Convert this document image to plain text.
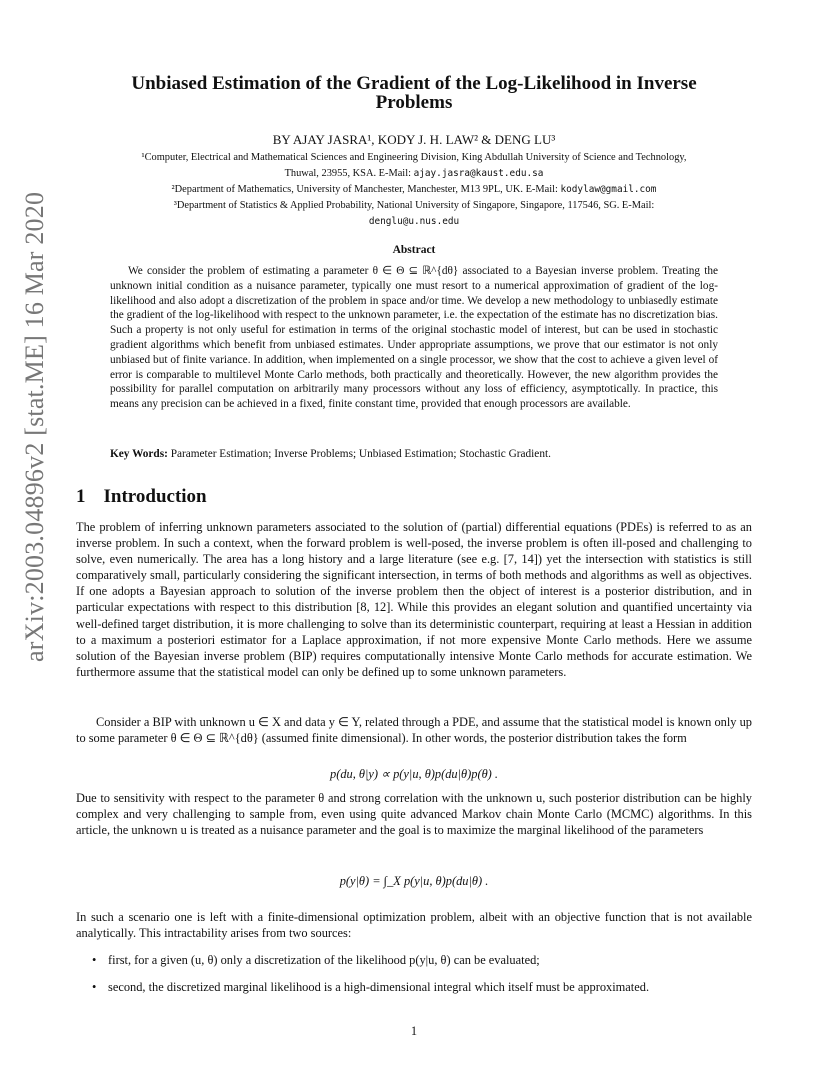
arXiv:2003.04896v2 [stat.ME] 16 Mar 2020
Unbiased Estimation of the Gradient of the Log-Likelihood in Inverse
Problems
BY AJAY JASRA¹, KODY J. H. LAW² & DENG LU³
¹Computer, Electrical and Mathematical Sciences and Engineering Division, King Abdullah University of Science and Technology,
Thuwal, 23955, KSA. E-Mail: ajay.jasra@kaust.edu.sa
²Department of Mathematics, University of Manchester, Manchester, M13 9PL, UK. E-Mail: kodylaw@gmail.com
³Department of Statistics & Applied Probability, National University of Singapore, Singapore, 117546, SG. E-Mail:
denglu@u.nus.edu
Abstract
We consider the problem of estimating a parameter θ ∈ Θ ⊆ ℝ^{dθ} associated to a Bayesian inverse problem. Treating the unknown initial condition as a nuisance parameter, typically one must resort to a numerical approximation of gradient of the log-likelihood and also adopt a discretization of the problem in space and/or time. We develop a new methodology to unbiasedly estimate the gradient of the log-likelihood with respect to the unknown parameter, i.e. the expectation of the estimate has no discretization bias. Such a property is not only useful for estimation in terms of the original stochastic model of interest, but can be used in stochastic gradient algorithms which benefit from unbiased estimates. Under appropriate assumptions, we prove that our estimator is not only unbiased but of finite variance. In addition, when implemented on a single processor, we show that the cost to achieve a given level of error is comparable to multilevel Monte Carlo methods, both practically and theoretically. However, the new algorithm provides the possibility for parallel computation on arbitrarily many processors without any loss of efficiency, asymptotically. In practice, this means any precision can be achieved in a fixed, finite constant time, provided that enough processors are available.
Key Words: Parameter Estimation; Inverse Problems; Unbiased Estimation; Stochastic Gradient.
1 Introduction
The problem of inferring unknown parameters associated to the solution of (partial) differential equations (PDEs) is referred to as an inverse problem. In such a context, when the forward problem is well-posed, the inverse problem is often ill-posed and challenging to solve, even numerically. The area has a long history and a large literature (see e.g. [7, 14]) yet the intersection with statistics is still comparatively small, particularly considering the significant intersection, in terms of both methods and algorithms as well as objectives. If one adopts a Bayesian approach to solution of the inverse problem then the object of interest is a posterior distribution, and in particular expectations with respect to this distribution [8, 12]. While this provides an elegant solution and quantified uncertainty via well-defined target distribution, it is more challenging to solve than its deterministic counterpart, requiring at least a Hessian in addition to a maximum a posteriori estimator for a Laplace approximation, if not more expensive Monte Carlo methods. Here we assume solution of the Bayesian inverse problem (BIP) requires computationally intensive Monte Carlo methods for accurate estimation. We furthermore assume that the statistical model can only be defined up to some unknown parameters.
Consider a BIP with unknown u ∈ X and data y ∈ Y, related through a PDE, and assume that the statistical model is known only up to some parameter θ ∈ Θ ⊆ ℝ^{dθ} (assumed finite dimensional). In other words, the posterior distribution takes the form
p(du, θ|y) ∝ p(y|u, θ)p(du|θ)p(θ) .
Due to sensitivity with respect to the parameter θ and strong correlation with the unknown u, such posterior distribution can be highly complex and very challenging to sample from, even using quite advanced Markov chain Monte Carlo (MCMC) algorithms. In this article, the unknown u is treated as a nuisance parameter and the goal is to maximize the marginal likelihood of the parameters
p(y|θ) = ∫_X p(y|u, θ)p(du|θ) .
In such a scenario one is left with a finite-dimensional optimization problem, albeit with an objective function that is not available analytically. This intractability arises from two sources:
• first, for a given (u, θ) only a discretization of the likelihood p(y|u, θ) can be evaluated;
• second, the discretized marginal likelihood is a high-dimensional integral which itself must be approximated.
1
